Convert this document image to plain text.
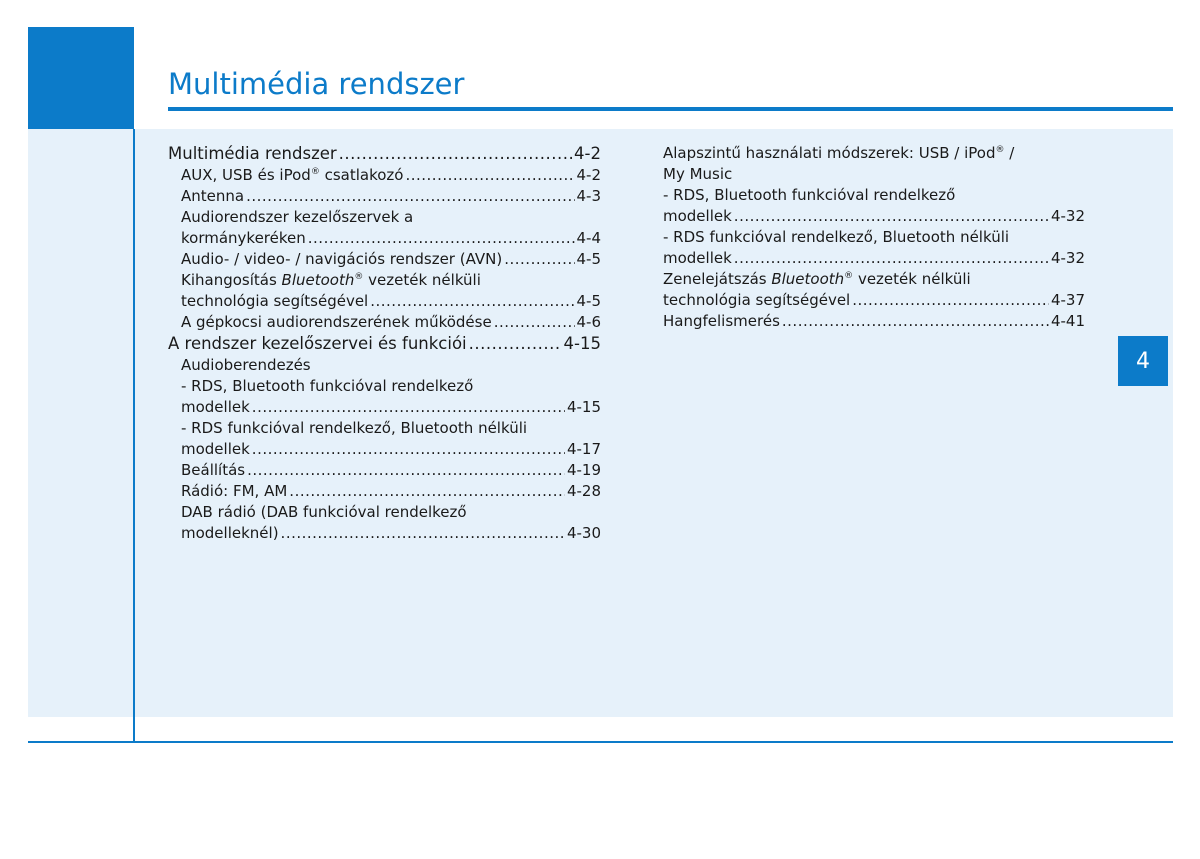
Multimédia rendszer
4
Multimédia rendszer .....	4-2
AUX, USB és iPod® csatlakozó .....	4-2
Antenna .....	4-3
Audiorendszer kezelőszervek a
kormánykeréken .....	4-4
Audio- / video- / navigációs rendszer (AVN) .....	4-5
Kihangosítás Bluetooth® vezeték nélküli
technológia segítségével .....	4-5
A gépkocsi audiorendszerének működése .....	4-6
A rendszer kezelőszervei és funkciói .....	4-15
Audioberendezés
- RDS, Bluetooth funkcióval rendelkező
modellek .....	4-15
- RDS funkcióval rendelkező, Bluetooth nélküli
modellek .....	4-17
Beállítás .....	4-19
Rádió: FM, AM .....	4-28
DAB rádió (DAB funkcióval rendelkező
modelleknél) .....	4-30
Alapszintű használati módszerek: USB / iPod® /
My Music
- RDS, Bluetooth funkcióval rendelkező
modellek .....	4-32
- RDS funkcióval rendelkező, Bluetooth nélküli
modellek .....	4-32
Zenelejátszás Bluetooth® vezeték nélküli
technológia segítségével .....	4-37
Hangfelismerés .....	4-41
